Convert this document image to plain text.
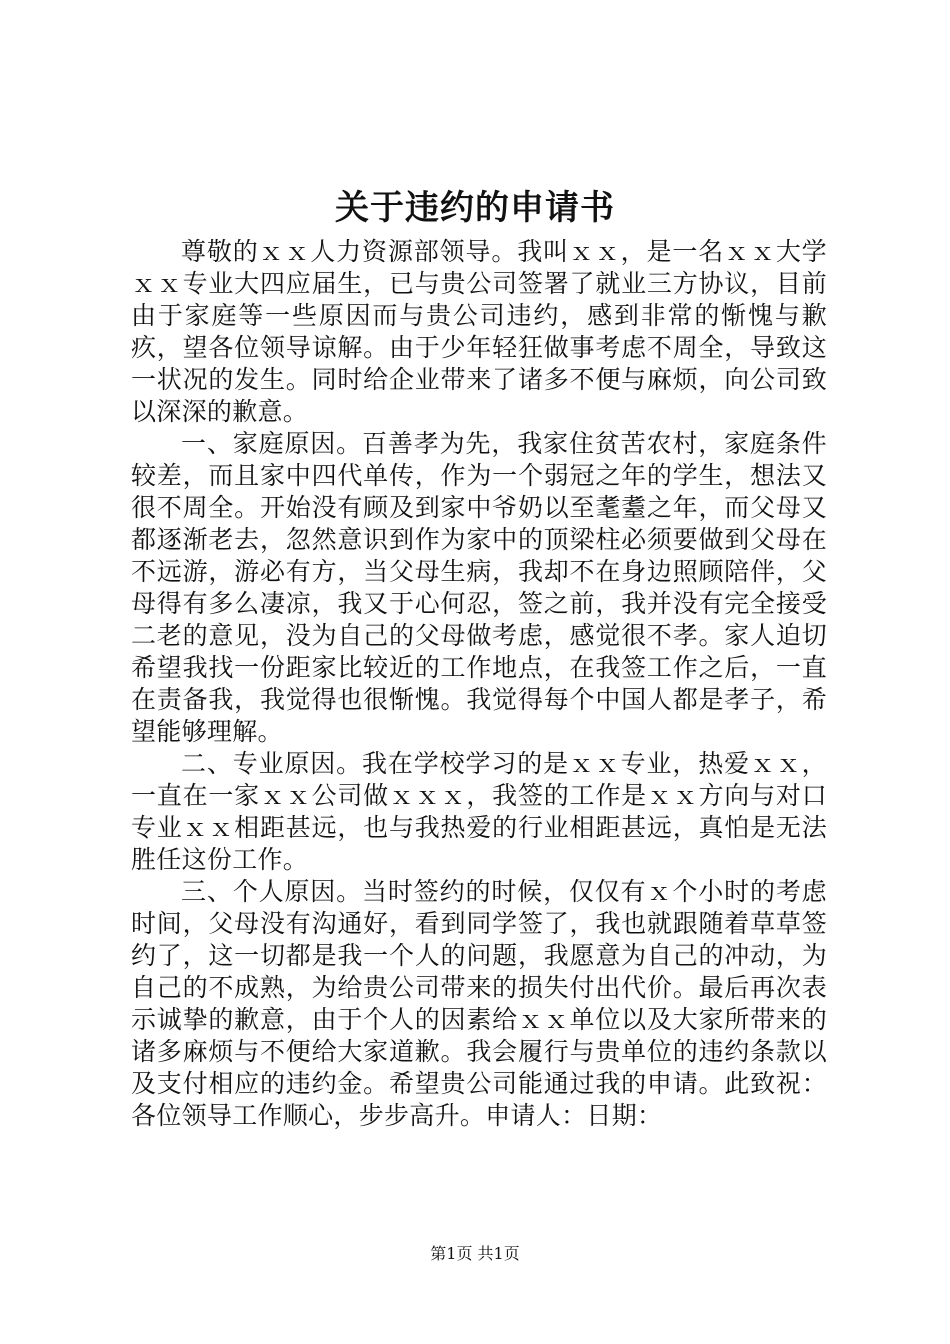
关于违约的申请书

尊敬的ｘｘ人力资源部领导。我叫ｘｘ，是一名ｘｘ大学ｘｘ专业大四应届生，已与贵公司签署了就业三方协议，目前由于家庭等一些原因而与贵公司违约，感到非常的惭愧与歉疚，望各位领导谅解。由于少年轻狂做事考虑不周全，导致这一状况的发生。同时给企业带来了诸多不便与麻烦，向公司致以深深的歉意。

一、家庭原因。百善孝为先，我家住贫苦农村，家庭条件较差，而且家中四代单传，作为一个弱冠之年的学生，想法又很不周全。开始没有顾及到家中爷奶以至耄耋之年，而父母又都逐渐老去，忽然意识到作为家中的顶梁柱必须要做到父母在不远游，游必有方，当父母生病，我却不在身边照顾陪伴，父母得有多么凄凉，我又于心何忍，签之前，我并没有完全接受二老的意见，没为自己的父母做考虑，感觉很不孝。家人迫切希望我找一份距家比较近的工作地点，在我签工作之后，一直在责备我，我觉得也很惭愧。我觉得每个中国人都是孝子，希望能够理解。

二、专业原因。我在学校学习的是ｘｘ专业，热爱ｘｘ，一直在一家ｘｘ公司做ｘｘｘ，我签的工作是ｘｘ方向与对口专业ｘｘ相距甚远，也与我热爱的行业相距甚远，真怕是无法胜任这份工作。

三、个人原因。当时签约的时候，仅仅有ｘ个小时的考虑时间，父母没有沟通好，看到同学签了，我也就跟随着草草签约了，这一切都是我一个人的问题，我愿意为自己的冲动，为自己的不成熟，为给贵公司带来的损失付出代价。最后再次表示诚挚的歉意，由于个人的因素给ｘｘ单位以及大家所带来的诸多麻烦与不便给大家道歉。我会履行与贵单位的违约条款以及支付相应的违约金。希望贵公司能通过我的申请。此致祝：各位领导工作顺心，步步高升。申请人：日期：

第1页 共1页
